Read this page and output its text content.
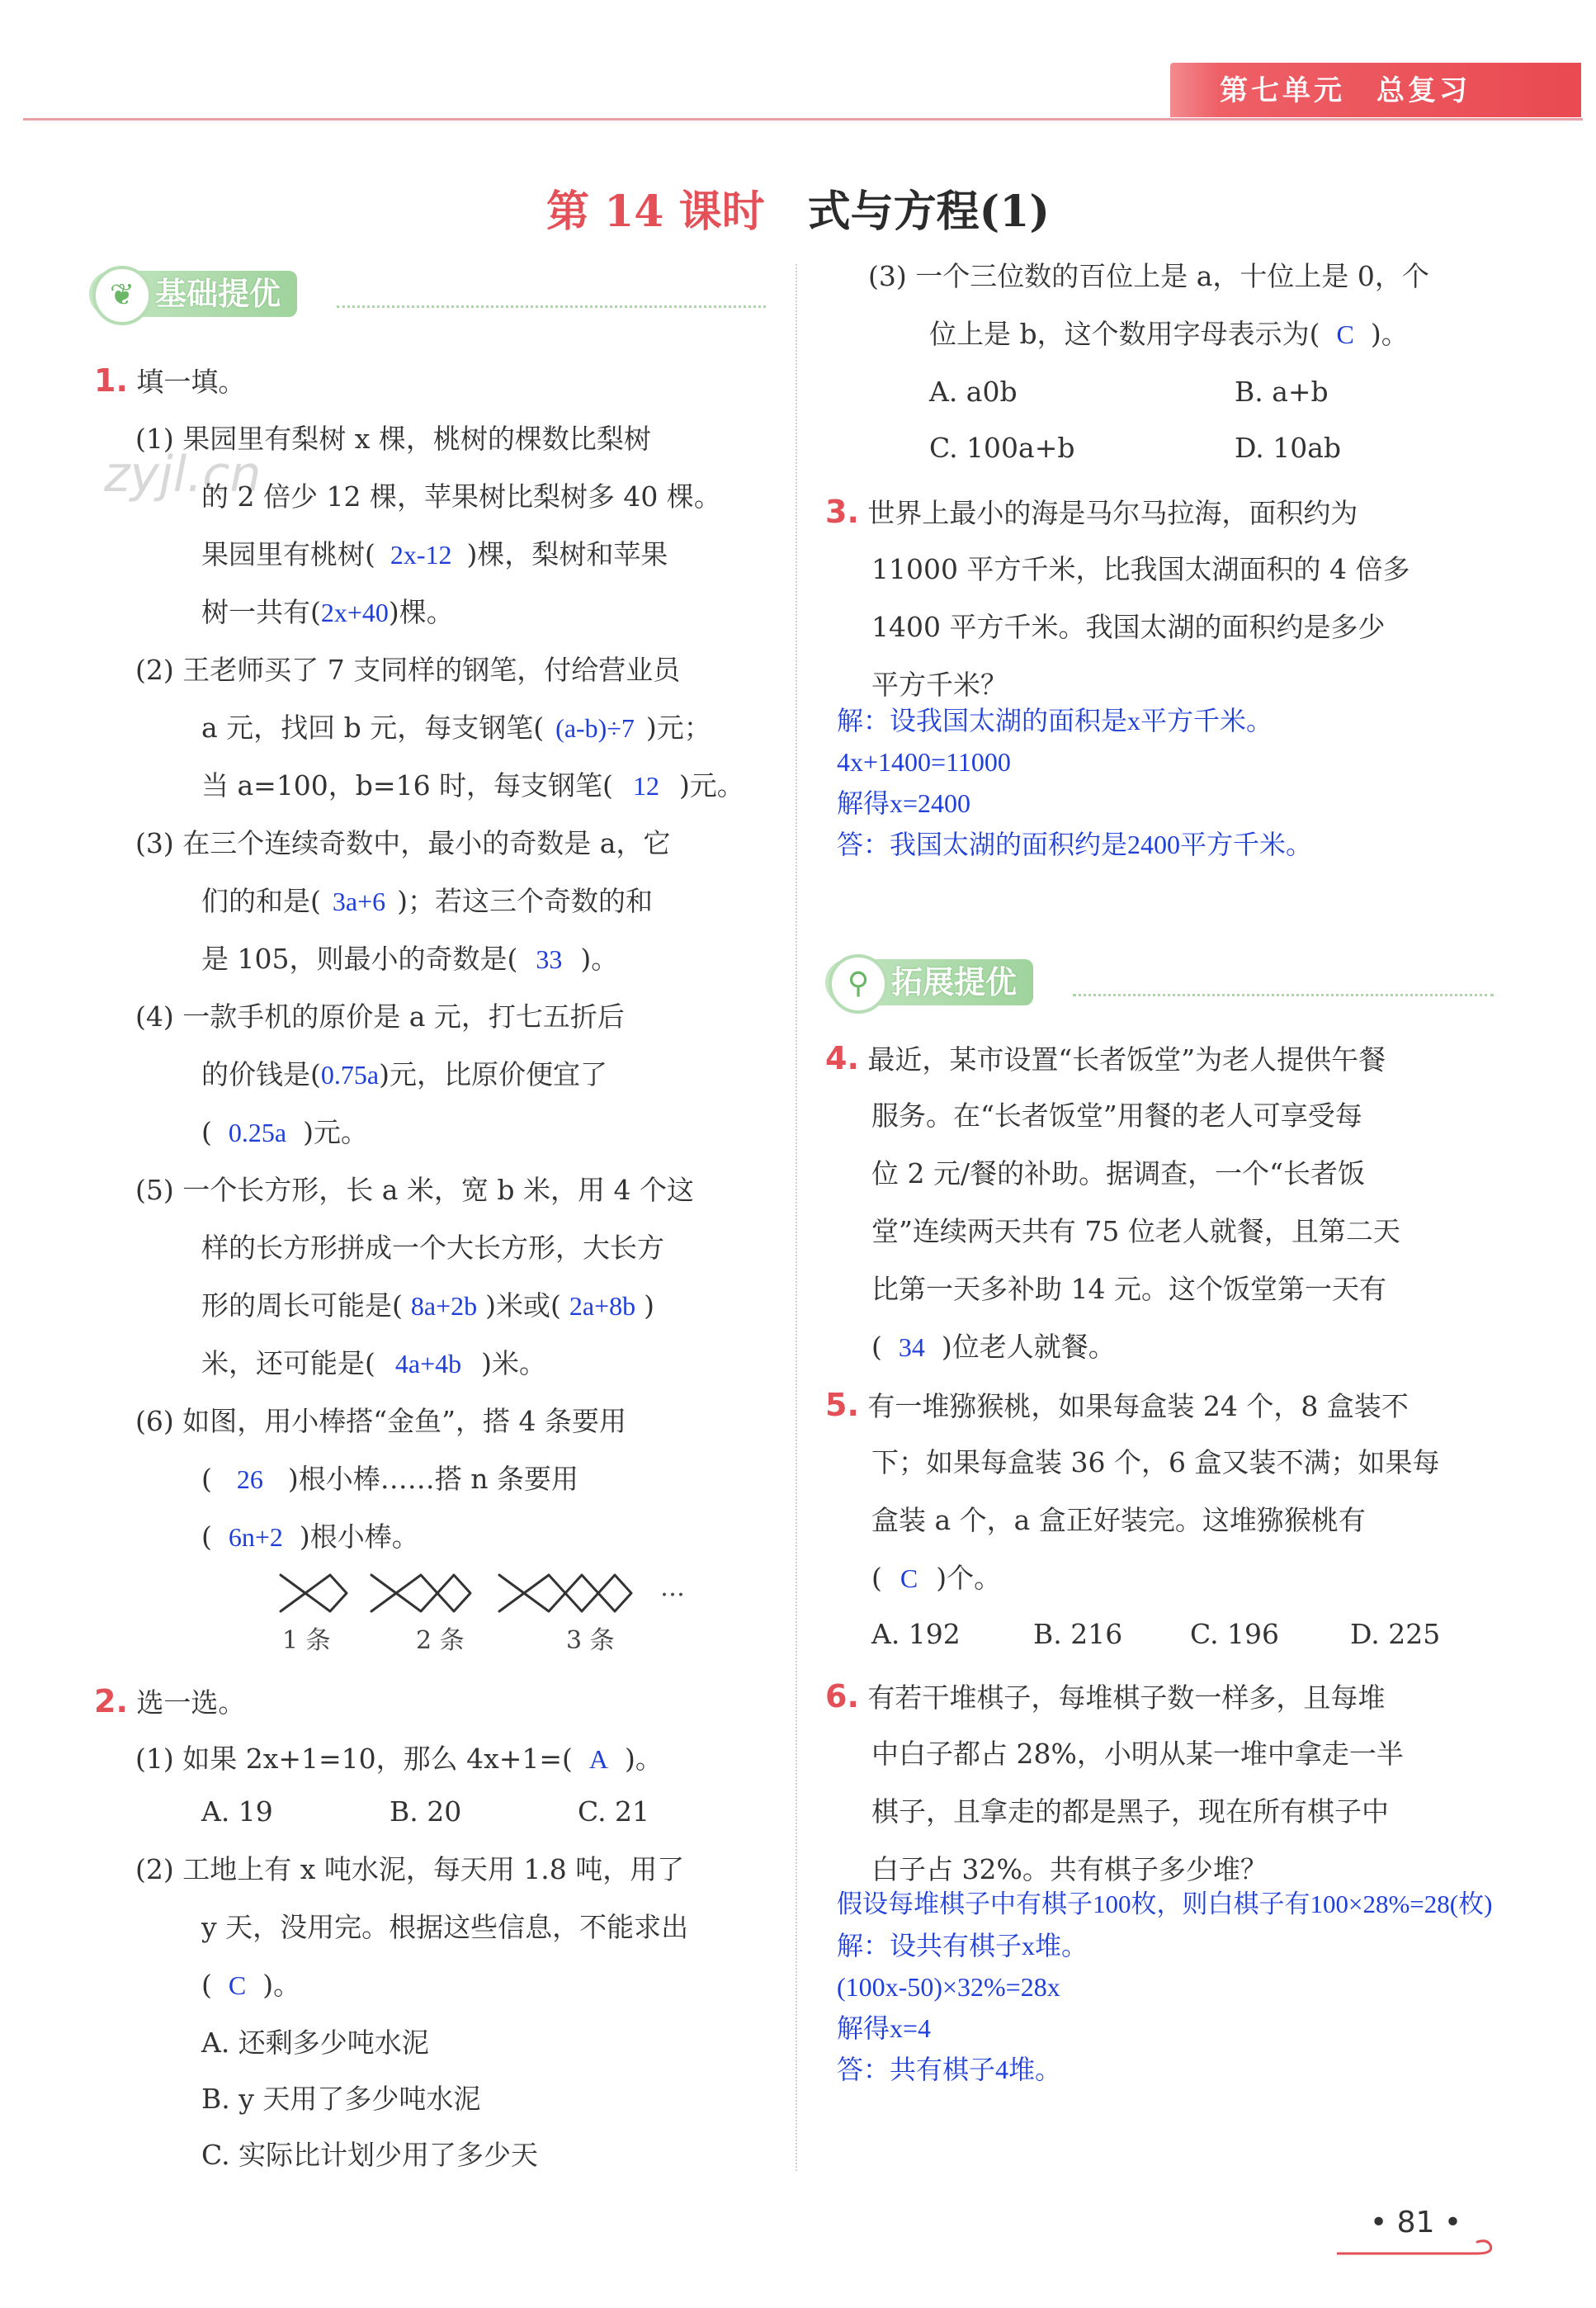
第七单元　总复习
第 14 课时　 式与方程(1)
zyjl.cn
基础提优
❦
1. 填一填。
(1) 果园里有梨树 x 棵，桃树的棵数比梨树
的 2 倍少 12 棵，苹果树比梨树多 40 棵。
果园里有桃树( 2x-12 )棵，梨树和苹果
树一共有(2x+40)棵。
(2) 王老师买了 7 支同样的钢笔，付给营业员
a 元，找回 b 元，每支钢笔( (a-b)÷7 )元；
当 a=100，b=16 时，每支钢笔( 12 )元。
(3) 在三个连续奇数中，最小的奇数是 a，它
们的和是( 3a+6 )；若这三个奇数的和
是 105，则最小的奇数是( 33 )。
(4) 一款手机的原价是 a 元，打七五折后
的价钱是(0.75a)元，比原价便宜了
( 0.25a )元。
(5) 一个长方形，长 a 米，宽 b 米，用 4 个这
样的长方形拼成一个大长方形，大长方
形的周长可能是( 8a+2b )米或( 2a+8b )
米，还可能是( 4a+4b )米。
(6) 如图，用小棒搭“金鱼”，搭 4 条要用
( 26 )根小棒……搭 n 条要用
( 6n+2 )根小棒。
…
1 条	2 条	3 条
2. 选一选。
(1) 如果 2x+1=10，那么 4x+1=( A )。
A. 19	B. 20	C. 21
(2) 工地上有 x 吨水泥，每天用 1.8 吨，用了
y 天，没用完。根据这些信息，不能求出
( C )。
A. 还剩多少吨水泥
B. y 天用了多少吨水泥
C. 实际比计划少用了多少天
(3) 一个三位数的百位上是 a，十位上是 0，个
位上是 b，这个数用字母表示为( C )。
A. a0b	B. a+b
C. 100a+b	D. 10ab
3. 世界上最小的海是马尔马拉海，面积约为
11000 平方千米，比我国太湖面积的 4 倍多
1400 平方千米。我国太湖的面积约是多少
平方千米？
解：设我国太湖的面积是x平方千米。
4x+1400=11000
解得x=2400
答：我国太湖的面积约是2400平方千米。
拓展提优
⚲
4. 最近，某市设置“长者饭堂”为老人提供午餐
服务。在“长者饭堂”用餐的老人可享受每
位 2 元/餐的补助。据调查，一个“长者饭
堂”连续两天共有 75 位老人就餐，且第二天
比第一天多补助 14 元。这个饭堂第一天有
( 34 )位老人就餐。
5. 有一堆猕猴桃，如果每盒装 24 个，8 盒装不
下；如果每盒装 36 个，6 盒又装不满；如果每
盒装 a 个，a 盒正好装完。这堆猕猴桃有
( C )个。
A. 192	B. 216 C. 196	D. 225
6. 有若干堆棋子，每堆棋子数一样多，且每堆
中白子都占 28%，小明从某一堆中拿走一半
棋子，且拿走的都是黑子，现在所有棋子中
白子占 32%。共有棋子多少堆？
假设每堆棋子中有棋子100枚，则白棋子有100×28%=28(枚)
解：设共有棋子x堆。
(100x-50)×32%=28x
解得x=4
答：共有棋子4堆。
• 81 •
